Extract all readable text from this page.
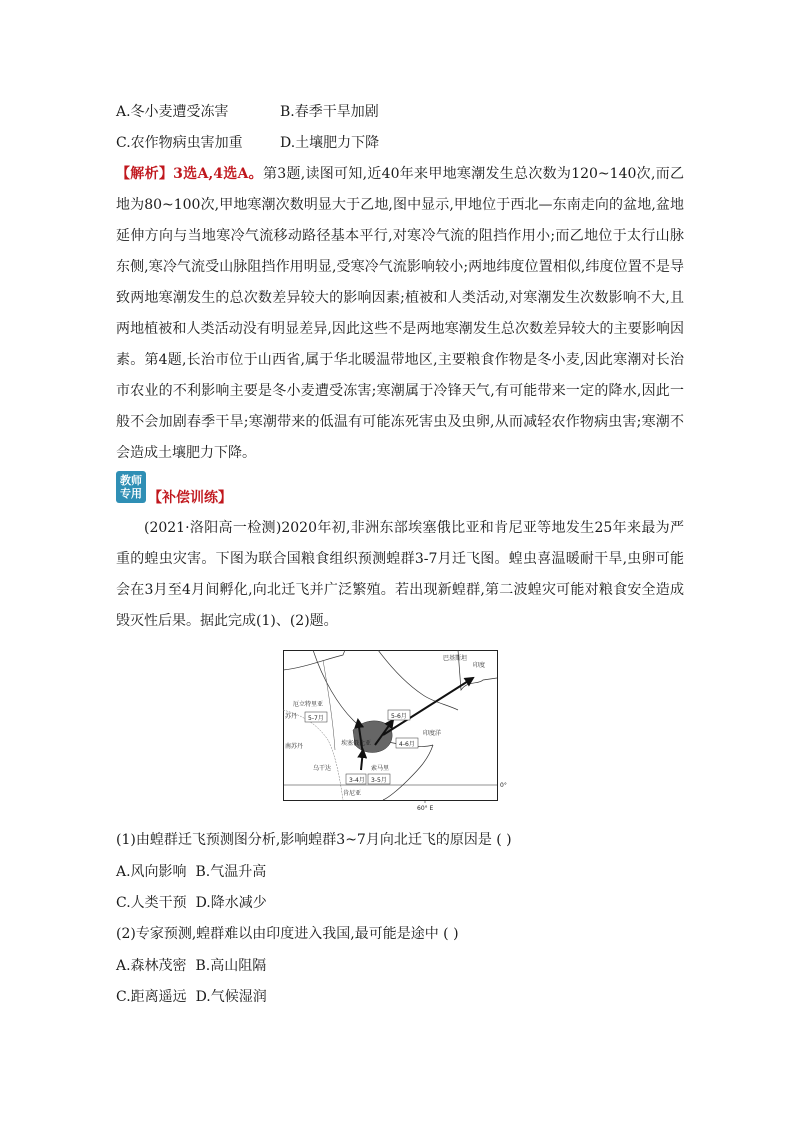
A.冬小麦遭受冻害	B.春季干旱加剧
C.农作物病虫害加重	D.土壤肥力下降
【解析】3选A,4选A。第3题,读图可知,近40年来甲地寒潮发生总次数为120~140次,而乙地为80~100次,甲地寒潮次数明显大于乙地,图中显示,甲地位于西北—东南走向的盆地,盆地延伸方向与当地寒冷气流移动路径基本平行,对寒冷气流的阻挡作用小;而乙地位于太行山脉东侧,寒冷气流受山脉阻挡作用明显,受寒冷气流影响较小;两地纬度位置相似,纬度位置不是导致两地寒潮发生的总次数差异较大的影响因素;植被和人类活动,对寒潮发生次数影响不大,且两地植被和人类活动没有明显差异,因此这些不是两地寒潮发生总次数差异较大的主要影响因素。第4题,长治市位于山西省,属于华北暖温带地区,主要粮食作物是冬小麦,因此寒潮对长治市农业的不利影响主要是冬小麦遭受冻害;寒潮属于冷锋天气,有可能带来一定的降水,因此一般不会加剧春季干旱;寒潮带来的低温有可能冻死害虫及虫卵,从而减轻农作物病虫害;寒潮不会造成土壤肥力下降。
教师
专用 【补偿训练】
(2021·洛阳高一检测)2020年初,非洲东部埃塞俄比亚和肯尼亚等地发生25年来最为严重的蝗虫灾害。下图为联合国粮食组织预测蝗群3-7月迁飞图。蝗虫喜温暖耐干旱,虫卵可能会在3月至4月间孵化,向北迁飞并广泛繁殖。若出现新蝗群,第二波蝗灾可能对粮食安全造成毁灭性后果。据此完成(1)、(2)题。
巴基斯坦
印度
厄立特里亚
苏丹
南苏丹	埃塞俄比亚
印度洋
乌干达
肯尼亚
索马里
5-7月	5-6月
4-6月
3-4月 3-5月
0°
60° E
(1)由蝗群迁飞预测图分析,影响蝗群3~7月向北迁飞的原因是 ( )
A.风向影响 B.气温升高
C.人类干预 D.降水减少
(2)专家预测,蝗群难以由印度进入我国,最可能是途中 ( )
A.森林茂密 B.高山阻隔
C.距离遥远 D.气候湿润
